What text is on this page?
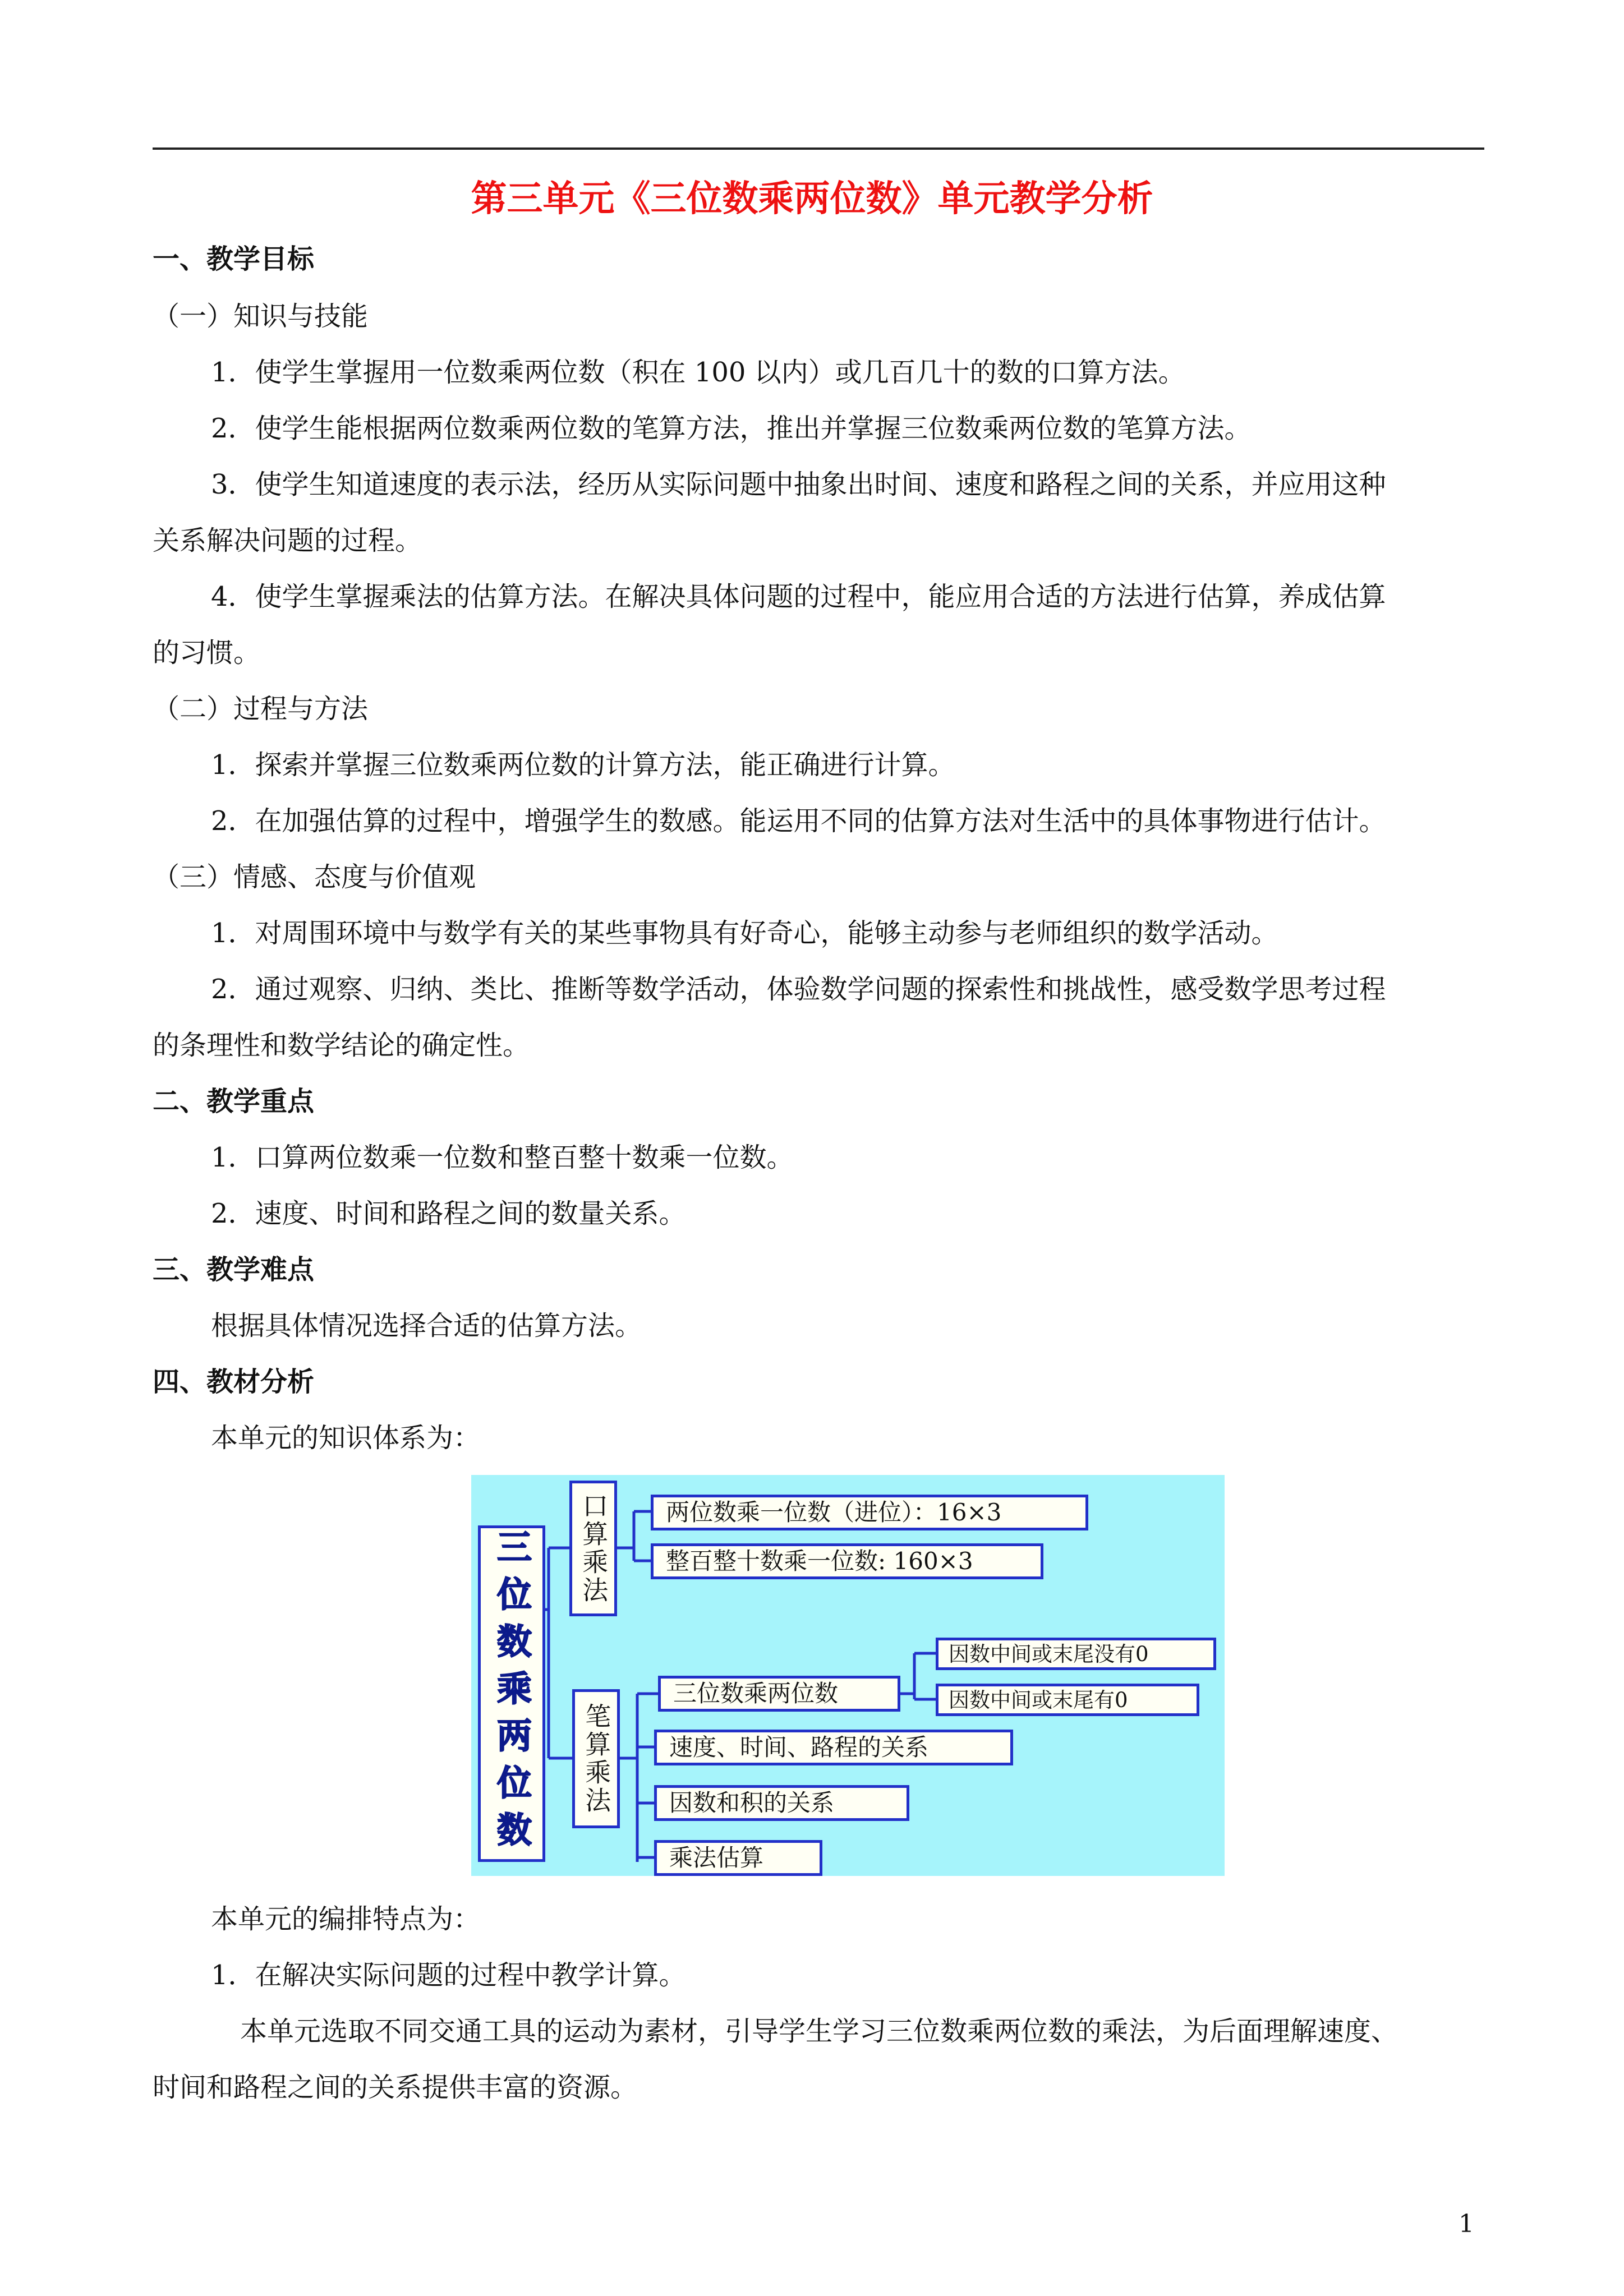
第三单元《三位数乘两位数》单元教学分析
一、教学目标
（一）知识与技能
1．使学生掌握用一位数乘两位数（积在 100 以内）或几百几十的数的口算方法。
2．使学生能根据两位数乘两位数的笔算方法，推出并掌握三位数乘两位数的笔算方法。
3．使学生知道速度的表示法，经历从实际问题中抽象出时间、速度和路程之间的关系，并应用这种
关系解决问题的过程。
4．使学生掌握乘法的估算方法。在解决具体问题的过程中，能应用合适的方法进行估算，养成估算
的习惯。
（二）过程与方法
1．探索并掌握三位数乘两位数的计算方法，能正确进行计算。
2．在加强估算的过程中，增强学生的数感。能运用不同的估算方法对生活中的具体事物进行估计。
（三）情感、态度与价值观
1．对周围环境中与数学有关的某些事物具有好奇心，能够主动参与老师组织的数学活动。
2．通过观察、归纳、类比、推断等数学活动，体验数学问题的探索性和挑战性，感受数学思考过程
的条理性和数学结论的确定性。
二、教学重点
1．口算两位数乘一位数和整百整十数乘一位数。
2．速度、时间和路程之间的数量关系。
三、教学难点
根据具体情况选择合适的估算方法。
四、教材分析
本单元的知识体系为：
三位数乘两位数	口算乘法
笔算乘法
两位数乘一位数（进位）：16×3
整百整十数乘一位数: 160×3
三位数乘两位数
因数中间或末尾没有0
因数中间或末尾有0
速度、时间、路程的关系
因数和积的关系
乘法估算
本单元的编排特点为：
1．在解决实际问题的过程中教学计算。
本单元选取不同交通工具的运动为素材，引导学生学习三位数乘两位数的乘法，为后面理解速度、
时间和路程之间的关系提供丰富的资源。
1
